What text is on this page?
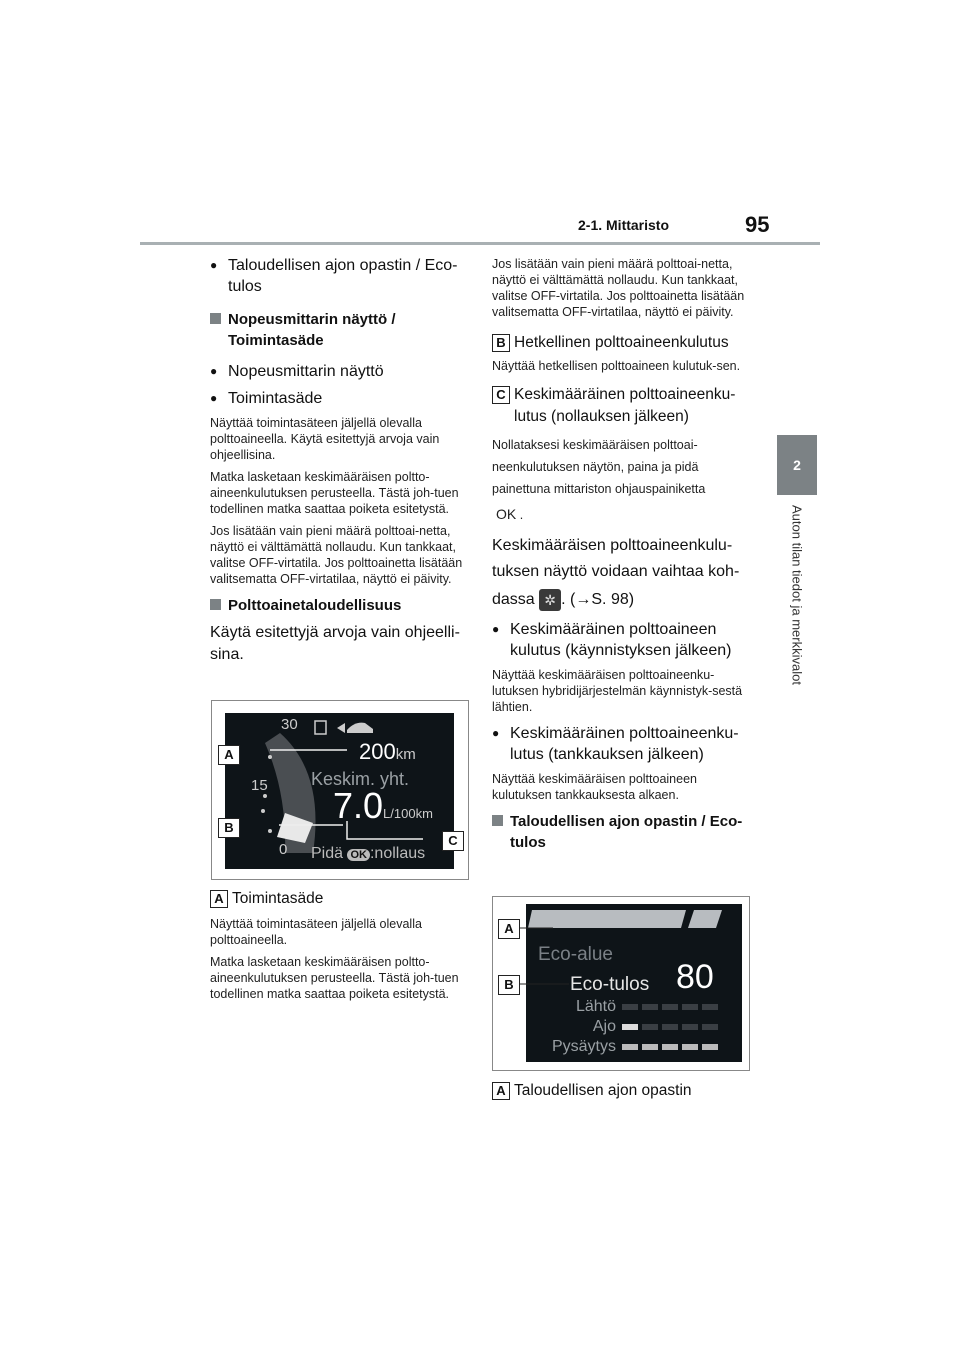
2-1. Mittaristo	95
2
Auton tilan tiedot ja merkkivalot
● Taloudellisen ajon opastin / Eco-tulos
Nopeusmittarin näyttö / Toimintasäde
● Nopeusmittarin näyttö
● Toimintasäde
Näyttää toimintasäteen jäljellä olevalla polttoaineella. Käytä esitettyjä arvoja vain ohjeellisina.
Matka lasketaan keskimääräisen poltto-aineenkulutuksen perusteella. Tästä joh-tuen todellinen matka saattaa poiketa esitetystä.
Jos lisätään vain pieni määrä polttoai-netta, näyttö ei välttämättä nollaudu. Kun tankkaat, valitse OFF-virtatila. Jos polttoainetta lisätään valitsematta OFF-virtatilaa, näyttö ei päivity.
Polttoainetaloudellisuus
Käytä esitettyjä arvoja vain ohjeelli-sina.
30
15
0
200km
Keskim. yht.
7.0L/100km
Pidä OK :nollaus
A
B
C
A Toimintasäde
Näyttää toimintasäteen jäljellä olevalla polttoaineella.
Matka lasketaan keskimääräisen poltto-aineenkulutuksen perusteella. Tästä joh-tuen todellinen matka saattaa poiketa esitetystä.
Jos lisätään vain pieni määrä polttoai-netta, näyttö ei välttämättä nollaudu. Kun tankkaat, valitse OFF-virtatila. Jos polttoainetta lisätään valitsematta OFF-virtatilaa, näyttö ei päivity.
B Hetkellinen polttoaineenkulutus
Näyttää hetkellisen polttoaineen kulutuk-sen.
C Keskimääräinen polttoaineenku-
lutus (nollauksen jälkeen)
Nollataksesi keskimääräisen polttoai-
neenkulutuksen näytön, paina ja pidä
painettuna mittariston ohjauspainiketta
OK .
Keskimääräisen polttoaineenkulu-
tuksen näyttö voidaan vaihtaa koh-
dassa ✲ . (→S. 98)
● Keskimääräinen polttoaineen kulutus (käynnistyksen jälkeen)
Näyttää keskimääräisen polttoaineenku-lutuksen hybridijärjestelmän käynnistyk-sestä lähtien.
● Keskimääräinen polttoaineenku-lutus (tankkauksen jälkeen)
Näyttää keskimääräisen polttoaineen kulutuksen tankkauksesta alkaen.
Taloudellisen ajon opastin / Eco-tulos
Eco-alue
Eco-tulos 80
Lähtö
Ajo
Pysäytys
A
B
A Taloudellisen ajon opastin
